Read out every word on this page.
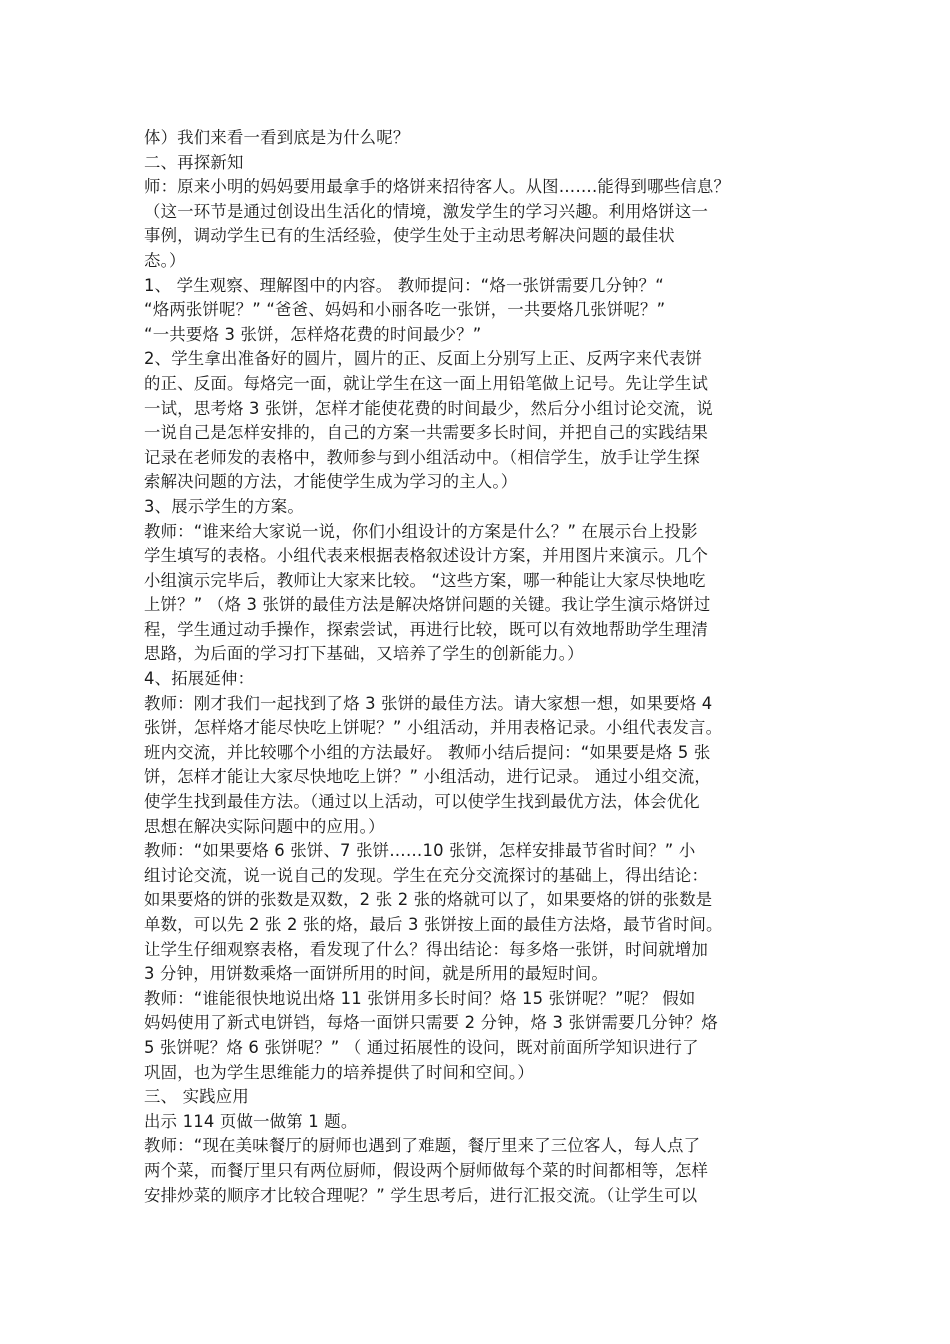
体）我们来看一看到底是为什么呢？
二、再探新知
师：原来小明的妈妈要用最拿手的烙饼来招待客人。从图…….能得到哪些信息？
（这一环节是通过创设出生活化的情境，激发学生的学习兴趣。利用烙饼这一
事例，调动学生已有的生活经验，使学生处于主动思考解决问题的最佳状
态。）
1、 学生观察、理解图中的内容。 教师提问：“烙一张饼需要几分钟？“
“烙两张饼呢？” “爸爸、妈妈和小丽各吃一张饼，一共要烙几张饼呢？”
“一共要烙 3 张饼，怎样烙花费的时间最少？”
2、学生拿出准备好的圆片，圆片的正、反面上分别写上正、反两字来代表饼
的正、反面。每烙完一面，就让学生在这一面上用铅笔做上记号。先让学生试
一试，思考烙 3 张饼，怎样才能使花费的时间最少，然后分小组讨论交流，说
一说自己是怎样安排的，自己的方案一共需要多长时间，并把自己的实践结果
记录在老师发的表格中，教师参与到小组活动中。（相信学生，放手让学生探
索解决问题的方法，才能使学生成为学习的主人。）
3、展示学生的方案。
教师：“谁来给大家说一说，你们小组设计的方案是什么？” 在展示台上投影
学生填写的表格。小组代表来根据表格叙述设计方案，并用图片来演示。几个
小组演示完毕后，教师让大家来比较。 “这些方案，哪一种能让大家尽快地吃
上饼？” （烙 3 张饼的最佳方法是解决烙饼问题的关键。我让学生演示烙饼过
程，学生通过动手操作，探索尝试，再进行比较，既可以有效地帮助学生理清
思路，为后面的学习打下基础，又培养了学生的创新能力。）
4、拓展延伸：
教师：刚才我们一起找到了烙 3 张饼的最佳方法。请大家想一想，如果要烙 4
张饼，怎样烙才能尽快吃上饼呢？” 小组活动，并用表格记录。小组代表发言。
班内交流，并比较哪个小组的方法最好。 教师小结后提问：“如果要是烙 5 张
饼，怎样才能让大家尽快地吃上饼？” 小组活动，进行记录。 通过小组交流，
使学生找到最佳方法。（通过以上活动，可以使学生找到最优方法，体会优化
思想在解决实际问题中的应用。）
教师：“如果要烙 6 张饼、7 张饼……10 张饼，怎样安排最节省时间？” 小
组讨论交流，说一说自己的发现。学生在充分交流探讨的基础上，得出结论：
如果要烙的饼的张数是双数，2 张 2 张的烙就可以了，如果要烙的饼的张数是
单数，可以先 2 张 2 张的烙，最后 3 张饼按上面的最佳方法烙，最节省时间。
让学生仔细观察表格，看发现了什么？得出结论：每多烙一张饼，时间就增加
3 分钟，用饼数乘烙一面饼所用的时间，就是所用的最短时间。
教师：“谁能很快地说出烙 11 张饼用多长时间？烙 15 张饼呢？”呢？ 假如
妈妈使用了新式电饼铛，每烙一面饼只需要 2 分钟，烙 3 张饼需要几分钟？烙
5 张饼呢？烙 6 张饼呢？” （ 通过拓展性的设问，既对前面所学知识进行了
巩固，也为学生思维能力的培养提供了时间和空间。）
三、 实践应用
出示 114 页做一做第 1 题。
教师：“现在美味餐厅的厨师也遇到了难题，餐厅里来了三位客人，每人点了
两个菜，而餐厅里只有两位厨师，假设两个厨师做每个菜的时间都相等，怎样
安排炒菜的顺序才比较合理呢？” 学生思考后，进行汇报交流。（让学生可以
